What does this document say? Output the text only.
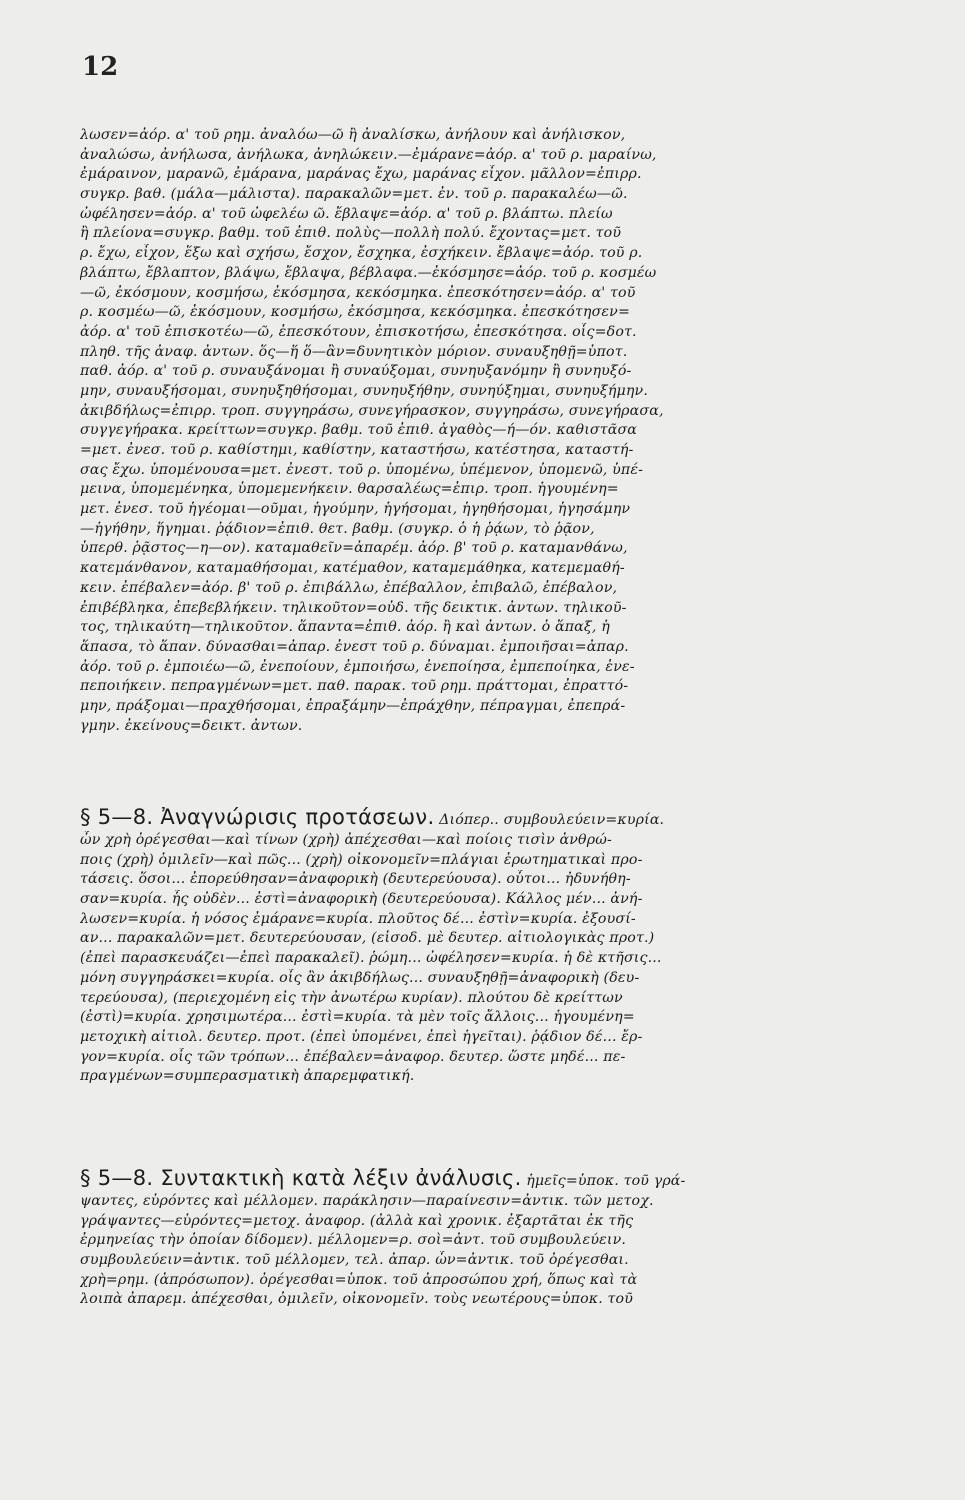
12
λωσεν=ἀόρ. α' τοῦ ρημ. ἀναλόω—ῶ ἢ ἀναλίσκω, ἀνήλουν καὶ ἀνήλισκον,
ἀναλώσω, ἀνήλωσα, ἀνήλωκα, ἀνηλώκειν.—ἐμάρανε=ἀόρ. α' τοῦ ρ. μαραίνω,
ἐμάραινον, μαρανῶ, ἐμάρανα, μαράνας ἔχω, μαράνας εἶχον. μᾶλλον=ἐπιρρ.
συγκρ. βαθ. (μάλα—μάλιστα). παρακαλῶν=μετ. ἐν. τοῦ ρ. παρακαλέω—ῶ.
ὠφέλησεν=ἀόρ. α' τοῦ ὠφελέω ῶ. ἔβλαψε=ἀόρ. α' τοῦ ρ. βλάπτω. πλείω
ἢ πλείονα=συγκρ. βαθμ. τοῦ ἐπιθ. πολὺς—πολλὴ πολύ. ἔχοντας=μετ. τοῦ
ρ. ἔχω, εἶχον, ἕξω καὶ σχήσω, ἔσχον, ἔσχηκα, ἐσχήκειν. ἔβλαψε=ἀόρ. τοῦ ρ.
βλάπτω, ἔβλαπτον, βλάψω, ἔβλαψα, βέβλαφα.—ἐκόσμησε=ἀόρ. τοῦ ρ. κοσμέω
—ῶ, ἐκόσμουν, κοσμήσω, ἐκόσμησα, κεκόσμηκα. ἐπεσκότησεν=ἀόρ. α' τοῦ
ρ. κοσμέω—ῶ, ἐκόσμουν, κοσμήσω, ἐκόσμησα, κεκόσμηκα. ἐπεσκότησεν=
ἀόρ. α' τοῦ ἐπισκοτέω—ῶ, ἐπεσκότουν, ἐπισκοτήσω, ἐπεσκότησα. οἷς=δοτ.
πληθ. τῆς ἀναφ. ἀντων. ὅς—ἥ ὅ—ἂν=δυνητικὸν μόριον. συναυξηθῇ=ὑποτ.
παθ. ἀόρ. α' τοῦ ρ. συναυξάνομαι ἢ συναύξομαι, συνηυξανόμην ἢ συνηυξό-
μην, συναυξήσομαι, συνηυξηθήσομαι, συνηυξήθην, συνηύξημαι, συνηυξήμην.
ἀκιβδήλως=ἐπιρρ. τροπ. συγγηράσω, συνεγήρασκον, συγγηράσω, συνεγήρασα,
συγγεγήρακα. κρείττων=συγκρ. βαθμ. τοῦ ἐπιθ. ἀγαθὸς—ή—όν. καθιστᾶσα
=μετ. ἐνεσ. τοῦ ρ. καθίστημι, καθίστην, καταστήσω, κατέστησα, καταστή-
σας ἔχω. ὑπομένουσα=μετ. ἐνεστ. τοῦ ρ. ὑπομένω, ὑπέμενον, ὑπομενῶ, ὑπέ-
μεινα, ὑπομεμένηκα, ὑπομεμενήκειν. θαρσαλέως=ἐπιρ. τροπ. ἡγουμένη=
μετ. ἐνεσ. τοῦ ἡγέομαι—οῦμαι, ἡγούμην, ἡγήσομαι, ἡγηθήσομαι, ἡγησάμην
—ἡγήθην, ἥγημαι. ῥᾴδιον=ἐπιθ. θετ. βαθμ. (συγκρ. ὁ ἡ ῥᾴων, τὸ ῥᾷον,
ὑπερθ. ῥᾷστος—η—ον). καταμαθεῖν=ἀπαρέμ. ἀόρ. β' τοῦ ρ. καταμανθάνω,
κατεμάνθανον, καταμαθήσομαι, κατέμαθον, καταμεμάθηκα, κατεμεμαθή-
κειν. ἐπέβαλεν=ἀόρ. β' τοῦ ρ. ἐπιβάλλω, ἐπέβαλλον, ἐπιβαλῶ, ἐπέβαλον,
ἐπιβέβληκα, ἐπεβεβλήκειν. τηλικοῦτον=οὐδ. τῆς δεικτικ. ἀντων. τηλικοῦ-
τος, τηλικαύτη—τηλικοῦτον. ἅπαντα=ἐπιθ. ἀόρ. ἢ καὶ ἀντων. ὁ ἅπαξ, ἡ
ἅπασα, τὸ ἅπαν. δύνασθαι=ἀπαρ. ἐνεστ τοῦ ρ. δύναμαι. ἐμποιῆσαι=ἀπαρ.
ἀόρ. τοῦ ρ. ἐμποιέω—ῶ, ἐνεποίουν, ἐμποιήσω, ἐνεποίησα, ἐμπεποίηκα, ἐνε-
πεποιήκειν. πεπραγμένων=μετ. παθ. παρακ. τοῦ ρημ. πράττομαι, ἐπραττό-
μην, πράξομαι—πραχθήσομαι, ἐπραξάμην—ἐπράχθην, πέπραγμαι, ἐπεπρά-
γμην. ἐκείνους=δεικτ. ἀντων.
§ 5—8. Ἀναγνώρισις προτάσεων. Διόπερ.. συμβουλεύειν=κυρία.
ὧν χρὴ ὀρέγεσθαι—καὶ τίνων (χρὴ) ἀπέχεσθαι—καὶ ποίοις τισὶν ἀνθρώ-
ποις (χρὴ) ὁμιλεῖν—καὶ πῶς... (χρὴ) οἰκονομεῖν=πλάγιαι ἐρωτηματικαὶ προ-
τάσεις. ὅσοι... ἐπορεύθησαν=ἀναφορικὴ (δευτερεύουσα). οὗτοι... ἠδυνήθη-
σαν=κυρία. ἧς οὐδὲν... ἐστὶ=ἀναφορικὴ (δευτερεύουσα). Κάλλος μέν... ἀνή-
λωσεν=κυρία. ἡ νόσος ἐμάρανε=κυρία. πλοῦτος δέ... ἐστὶν=κυρία. ἐξουσί-
αν... παρακαλῶν=μετ. δευτερεύουσαν, (εἰσοδ. μὲ δευτερ. αἰτιολογικὰς προτ.)
(ἐπεὶ παρασκευάζει—ἐπεὶ παρακαλεῖ). ῥώμη... ὠφέλησεν=κυρία. ἡ δὲ κτῆσις...
μόνη συγγηράσκει=κυρία. οἷς ἂν ἀκιβδήλως... συναυξηθῇ=ἀναφορικὴ (δευ-
τερεύουσα), (περιεχομένη εἰς τὴν ἀνωτέρω κυρίαν). πλούτου δὲ κρείττων
(ἐστὶ)=κυρία. χρησιμωτέρα... ἐστὶ=κυρία. τὰ μὲν τοῖς ἄλλοις... ἡγουμένη=
μετοχικὴ αἰτιολ. δευτερ. προτ. (ἐπεὶ ὑπομένει, ἐπεὶ ἡγεῖται). ῥᾴδιον δέ... ἔρ-
γον=κυρία. οἷς τῶν τρόπων... ἐπέβαλεν=ἀναφορ. δευτερ. ὥστε μηδέ... πε-
πραγμένων=συμπερασματικὴ ἀπαρεμφατική.
§ 5—8. Συντακτικὴ κατὰ λέξιν ἀνάλυσις. ἡμεῖς=ὑποκ. τοῦ γρά-
ψαντες, εὑρόντες καὶ μέλλομεν. παράκλησιν—παραίνεσιν=ἀντικ. τῶν μετοχ.
γράψαντες—εὑρόντες=μετοχ. ἀναφορ. (ἀλλὰ καὶ χρονικ. ἐξαρτᾶται ἐκ τῆς
ἑρμηνείας τὴν ὁποίαν δίδομεν). μέλλομεν=ρ. σοὶ=ἀντ. τοῦ συμβουλεύειν.
συμβουλεύειν=ἀντικ. τοῦ μέλλομεν, τελ. ἀπαρ. ὧν=ἀντικ. τοῦ ὀρέγεσθαι.
χρὴ=ρημ. (ἀπρόσωπον). ὀρέγεσθαι=ὑποκ. τοῦ ἀπροσώπου χρή, ὅπως καὶ τὰ
λοιπὰ ἀπαρεμ. ἀπέχεσθαι, ὁμιλεῖν, οἰκονομεῖν. τοὺς νεωτέρους=ὑποκ. τοῦ
